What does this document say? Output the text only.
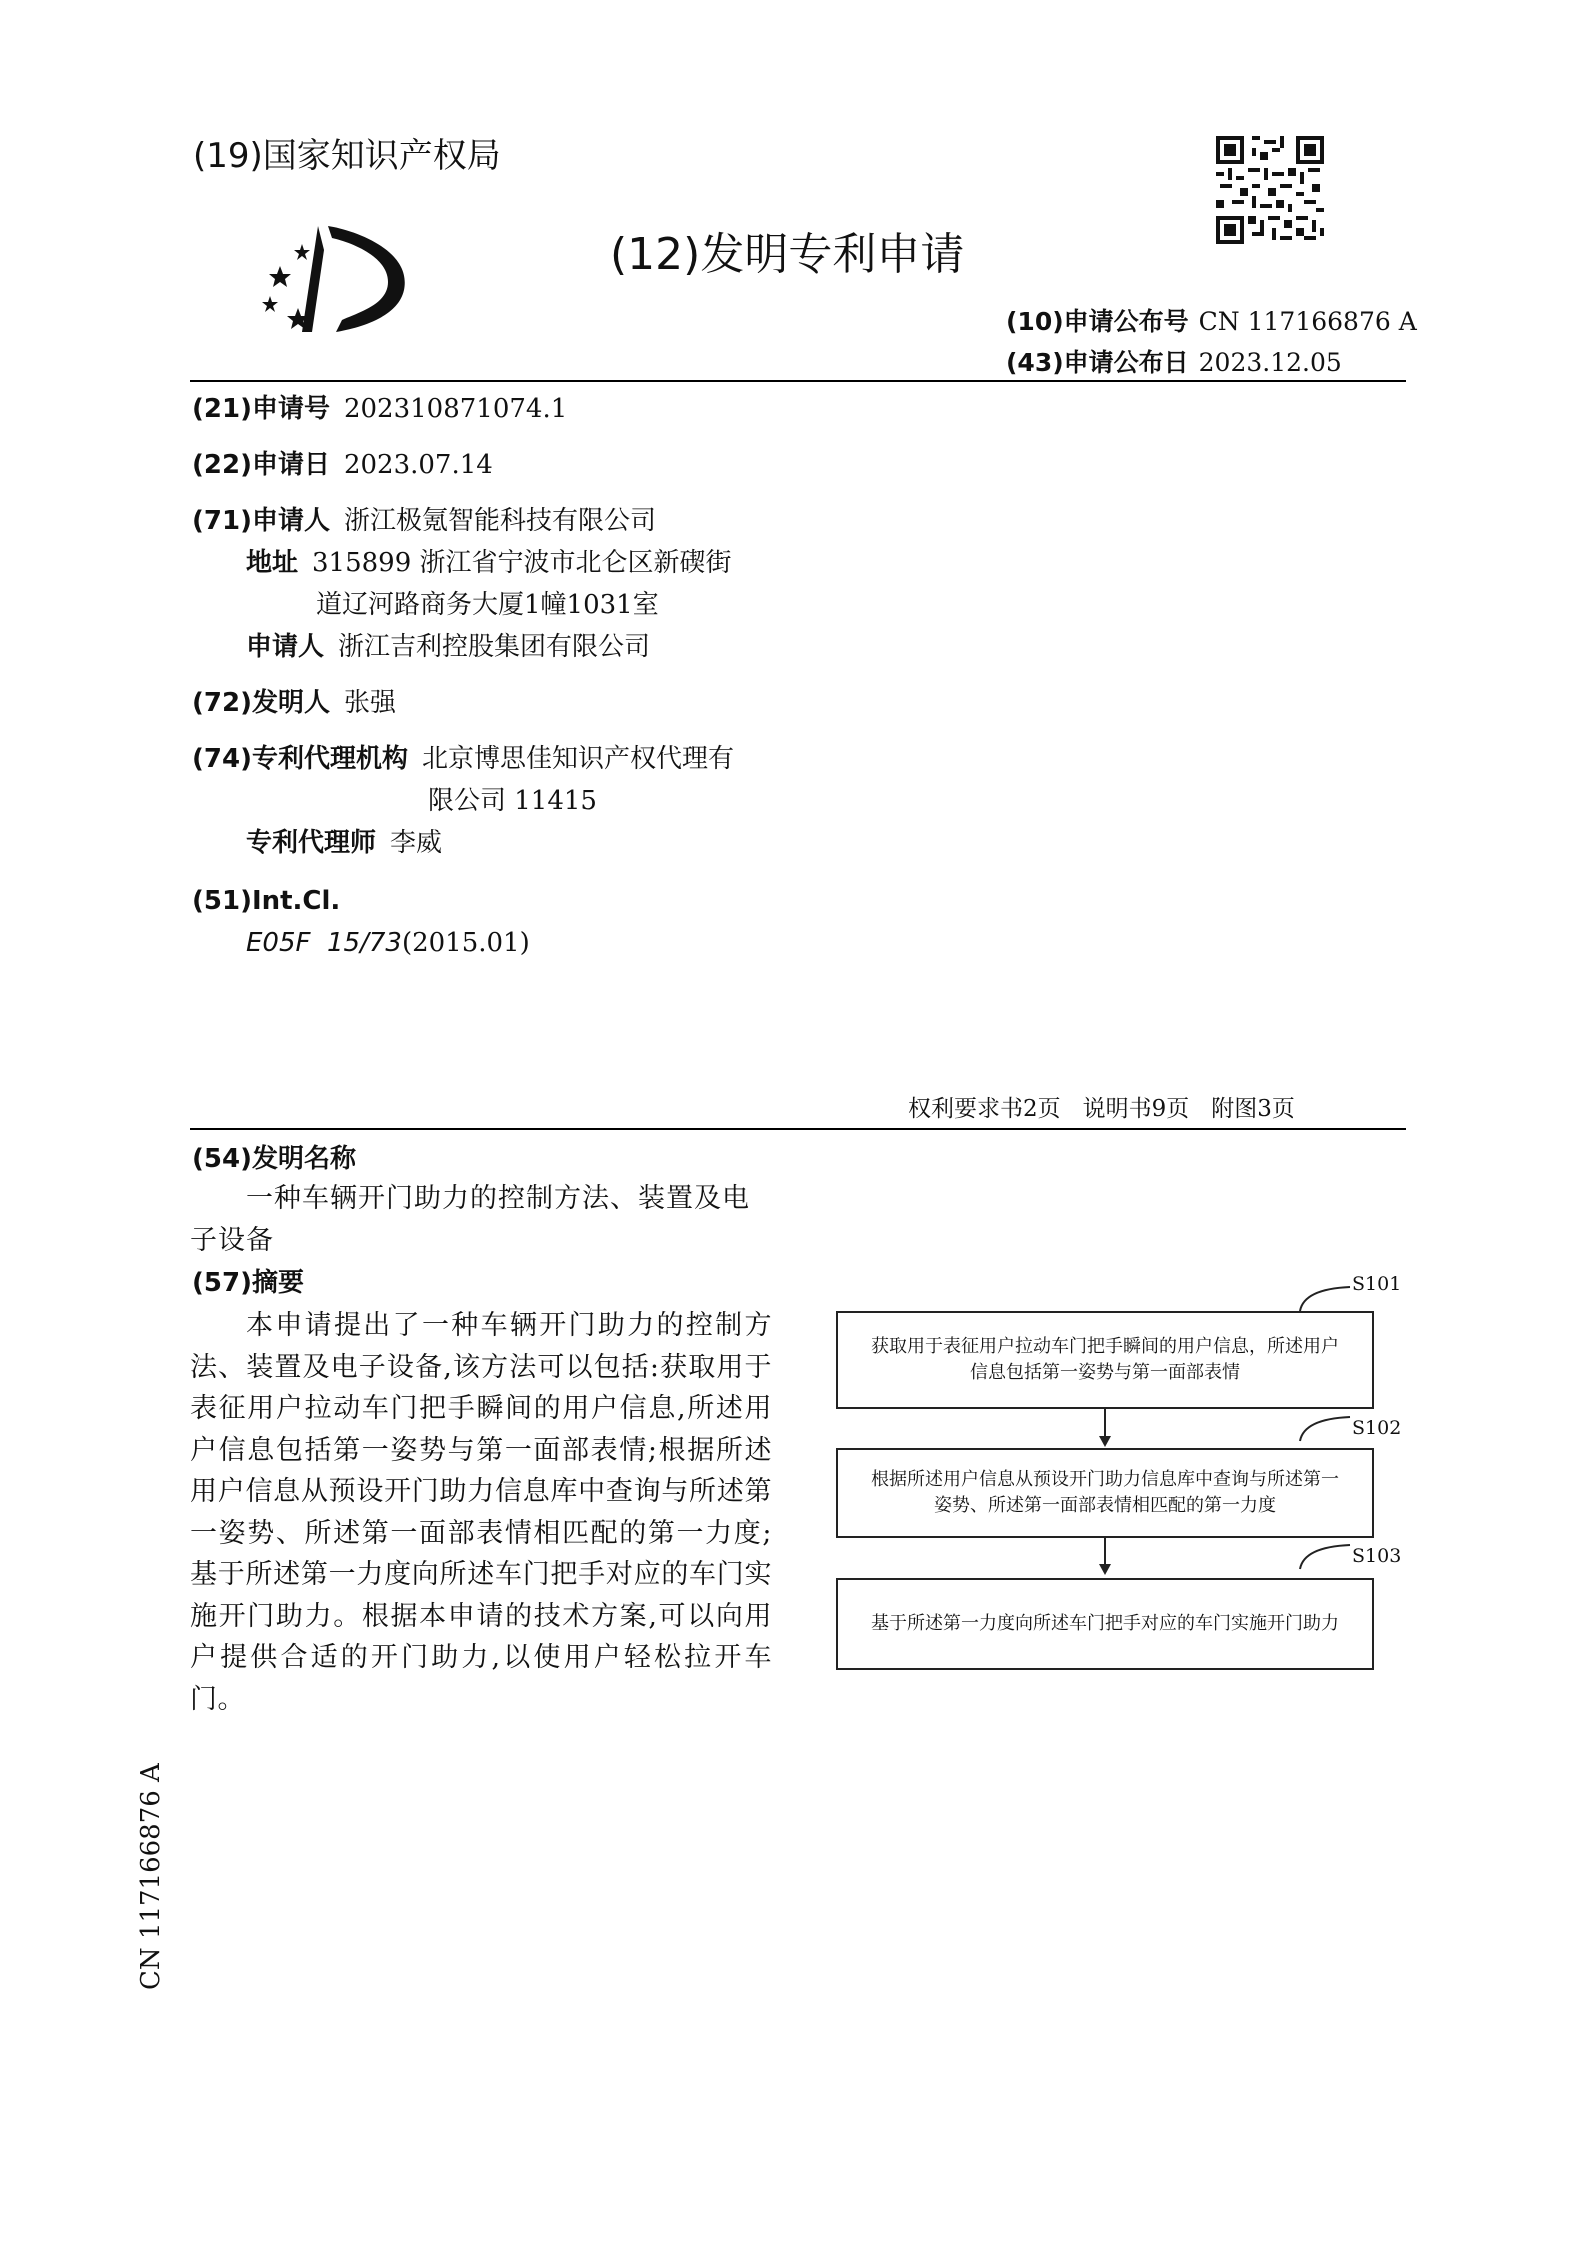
(19)国家知识产权局
(12)发明专利申请
(10)申请公布号 CN 117166876 A
(43)申请公布日 2023.12.05
(21)申请号 202310871074.1
(22)申请日 2023.07.14
(71)申请人 浙江极氪智能科技有限公司
地址 315899 浙江省宁波市北仑区新碶街
道辽河路商务大厦1幢1031室
申请人 浙江吉利控股集团有限公司
(72)发明人 张强
(74)专利代理机构 北京博思佳知识产权代理有
限公司 11415
专利代理师 李威
(51)Int.Cl.
E05F  15/73(2015.01)
权利要求书2页 说明书9页 附图3页
(54)发明名称
一种车辆开门助力的控制方法、装置及电子设备
(57)摘要
本申请提出了一种车辆开门助力的控制方法、装置及电子设备,该方法可以包括:获取用于表征用户拉动车门把手瞬间的用户信息,所述用户信息包括第一姿势与第一面部表情;根据所述用户信息从预设开门助力信息库中查询与所述第一姿势、所述第一面部表情相匹配的第一力度;基于所述第一力度向所述车门把手对应的车门实施开门助力。根据本申请的技术方案,可以向用户提供合适的开门助力,以使用户轻松拉开车门。
S101
S102
S103
获取用于表征用户拉动车门把手瞬间的用户信息，所述用户
信息包括第一姿势与第一面部表情
根据所述用户信息从预设开门助力信息库中查询与所述第一
姿势、所述第一面部表情相匹配的第一力度
基于所述第一力度向所述车门把手对应的车门实施开门助力
CN 117166876 A
